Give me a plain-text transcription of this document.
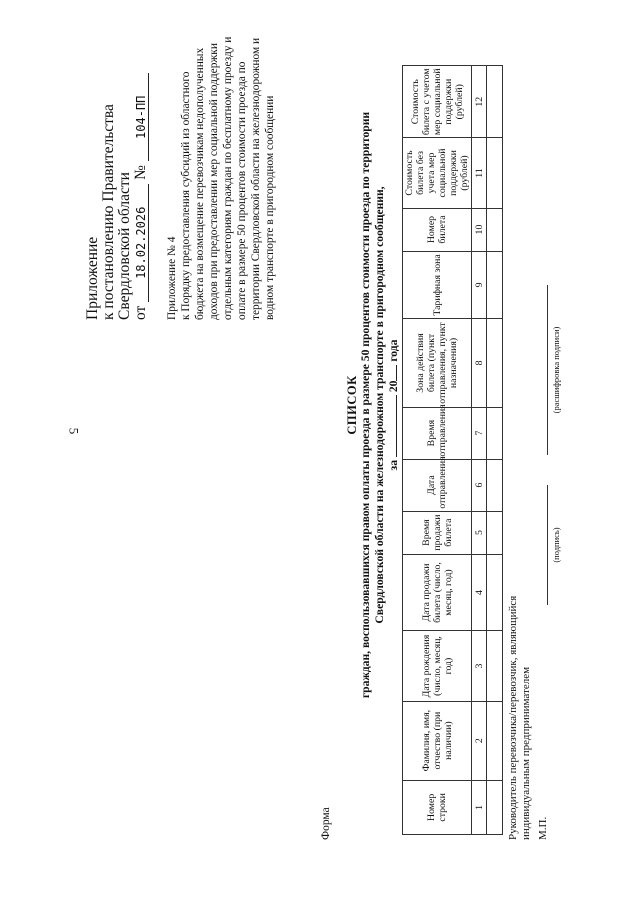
5
Приложение к постановлению Правительства Свердловской области от 18.02.2026 № 104-ПП
Приложение № 4 к Порядку предоставления субсидий из областного бюджета на возмещение перевозчикам недополученных доходов при предоставлении мер социальной поддержки отдельным категориям граждан по бесплатному проезду и оплате в размере 50 процентов стоимости проезда по территории Свердловской области на железнодорожном и водном транспорте в пригородном сообщении
Форма
СПИСОК граждан, воспользовавшихся правом оплаты проезда в размере 50 процентов стоимости проезда по территории Свердловской области на железнодорожном транспорте в пригородном сообщении, за  20 года
Номер строки	Фамилия, имя, отчество (при наличии)	Дата рождения (число, месяц, год)	Дата продажи билета (число, месяц, год)	Время продажи билета	Дата отправления	Время отправления	Зона действия билета (пункт отправления, пункт назначения)	Тарифная зона	Номер билета	Стоимость билета без учета мер социальной поддержки (рублей)	Стоимость билета с учетом мер социальной поддержки (рублей)
1	2	3	4	5	6	7	8	9	10	11	12

Руководитель перевозчика/перевозчик, являющийся индивидуальным предпринимателем М.П.
(подпись)
(расшифровка подписи)
